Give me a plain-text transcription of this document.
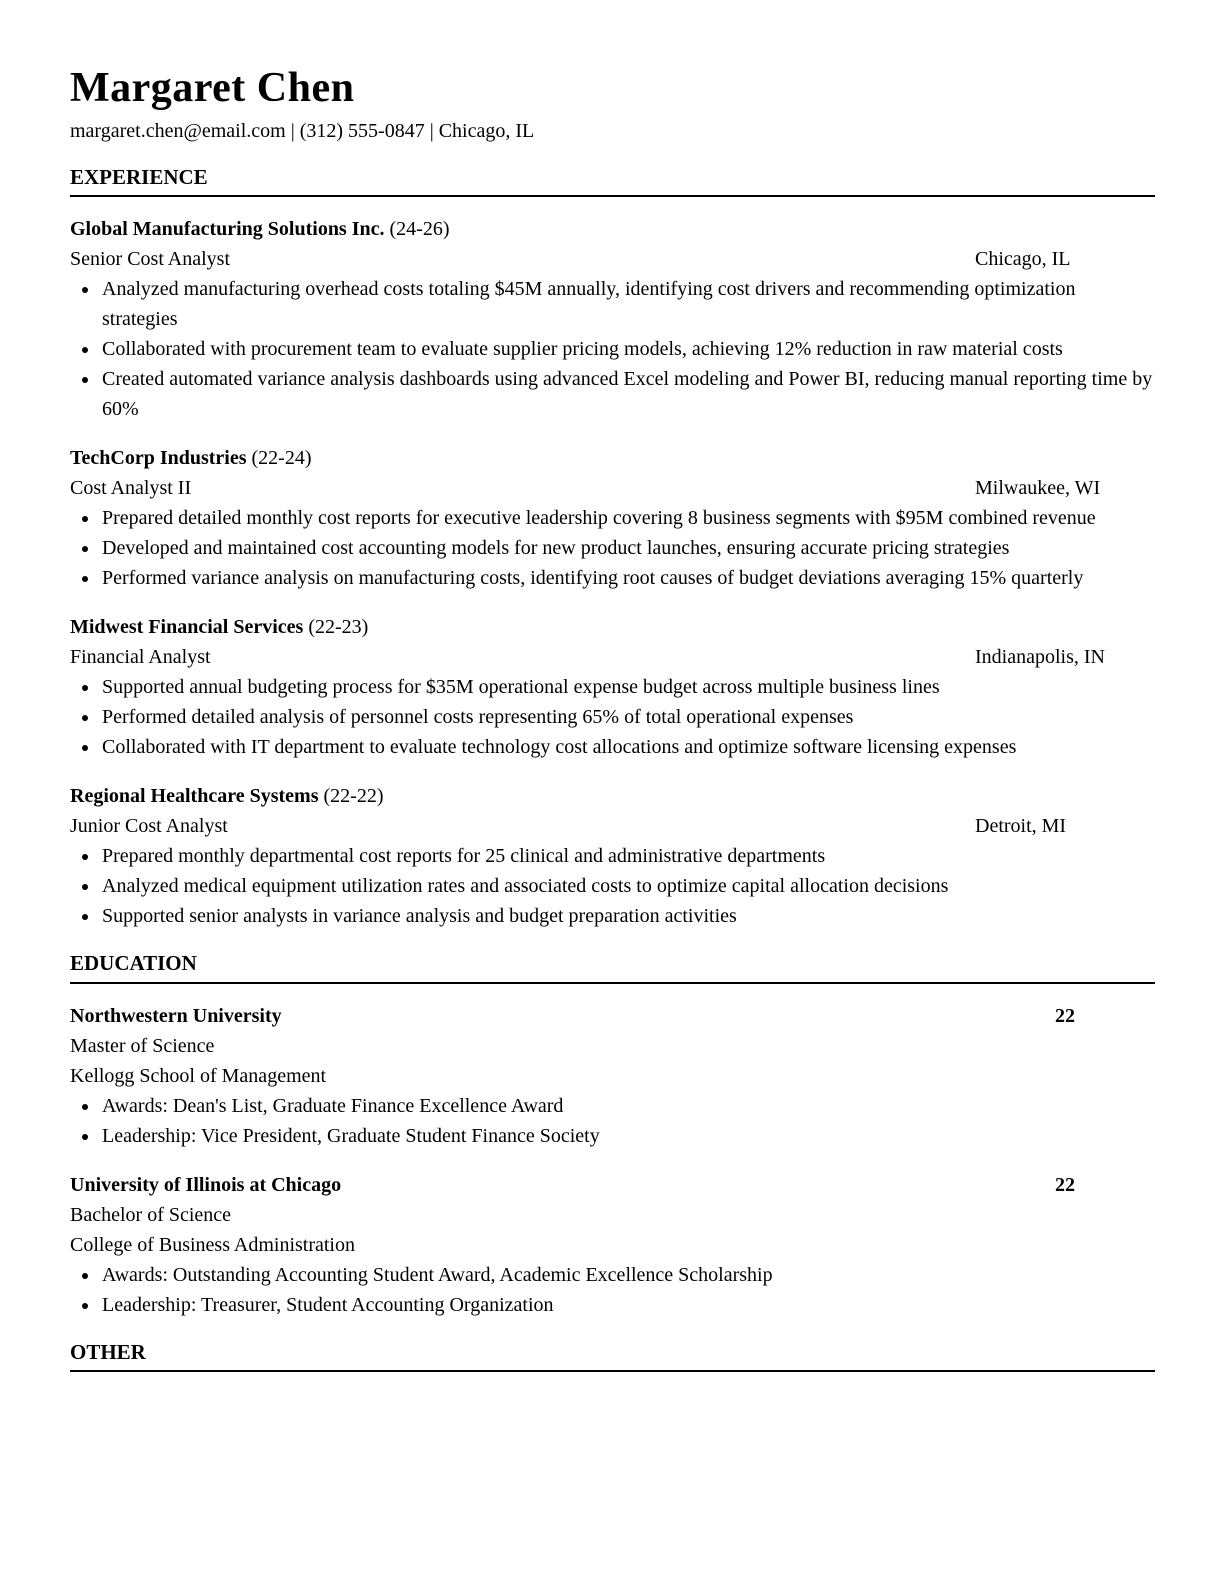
Margaret Chen
margaret.chen@email.com | (312) 555-0847 | Chicago, IL
EXPERIENCE
Global Manufacturing Solutions Inc. (24-26)
Senior Cost Analyst	Chicago, IL
• Analyzed manufacturing overhead costs totaling $45M annually, identifying cost drivers and recommending optimization strategies
• Collaborated with procurement team to evaluate supplier pricing models, achieving 12% reduction in raw material costs
• Created automated variance analysis dashboards using advanced Excel modeling and Power BI, reducing manual reporting time by 60%
TechCorp Industries (22-24)
Cost Analyst II	Milwaukee, WI
• Prepared detailed monthly cost reports for executive leadership covering 8 business segments with $95M combined revenue
• Developed and maintained cost accounting models for new product launches, ensuring accurate pricing strategies
• Performed variance analysis on manufacturing costs, identifying root causes of budget deviations averaging 15% quarterly
Midwest Financial Services (22-23)
Financial Analyst	Indianapolis, IN
• Supported annual budgeting process for $35M operational expense budget across multiple business lines
• Performed detailed analysis of personnel costs representing 65% of total operational expenses
• Collaborated with IT department to evaluate technology cost allocations and optimize software licensing expenses
Regional Healthcare Systems (22-22)
Junior Cost Analyst	Detroit, MI
• Prepared monthly departmental cost reports for 25 clinical and administrative departments
• Analyzed medical equipment utilization rates and associated costs to optimize capital allocation decisions
• Supported senior analysts in variance analysis and budget preparation activities
EDUCATION
Northwestern University	22
Master of Science
Kellogg School of Management
• Awards: Dean's List, Graduate Finance Excellence Award
• Leadership: Vice President, Graduate Student Finance Society
University of Illinois at Chicago	22
Bachelor of Science
College of Business Administration
• Awards: Outstanding Accounting Student Award, Academic Excellence Scholarship
• Leadership: Treasurer, Student Accounting Organization
OTHER
